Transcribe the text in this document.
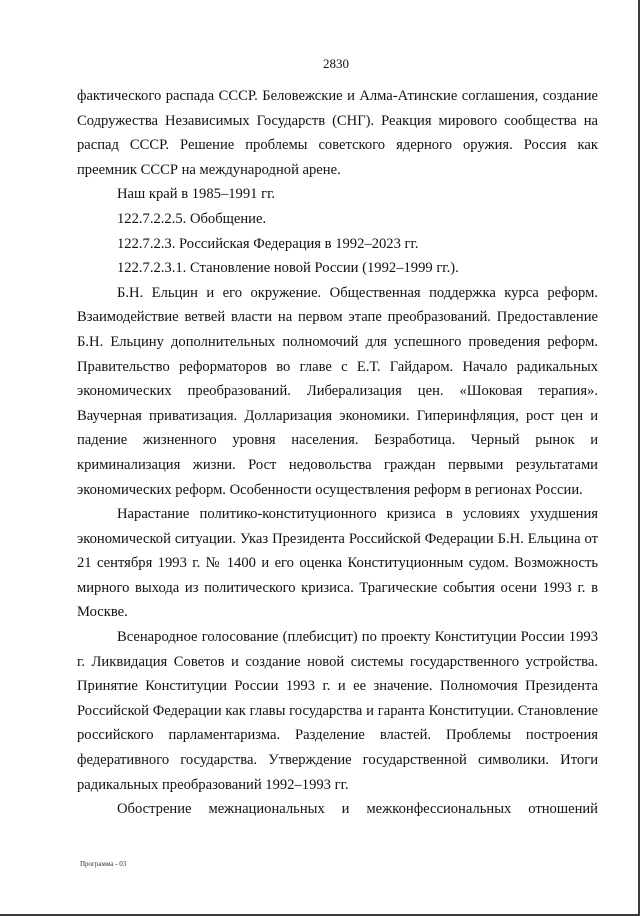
2830

фактического распада СССР. Беловежские и Алма-Атинские соглашения, создание Содружества Независимых Государств (СНГ). Реакция мирового сообщества на распад СССР. Решение проблемы советского ядерного оружия. Россия как преемник СССР на международной арене.

Наш край в 1985–1991 гг.

122.7.2.2.5. Обобщение.

122.7.2.3. Российская Федерация в 1992–2023 гг.

122.7.2.3.1. Становление новой России (1992–1999 гг.).

Б.Н. Ельцин и его окружение. Общественная поддержка курса реформ. Взаимодействие ветвей власти на первом этапе преобразований. Предоставление Б.Н. Ельцину дополнительных полномочий для успешного проведения реформ. Правительство реформаторов во главе с Е.Т. Гайдаром. Начало радикальных экономических преобразований. Либерализация цен. «Шоковая терапия». Ваучерная приватизация. Долларизация экономики. Гиперинфляция, рост цен и падение жизненного уровня населения. Безработица. Черный рынок и криминализация жизни. Рост недовольства граждан первыми результатами экономических реформ. Особенности осуществления реформ в регионах России.

Нарастание политико-конституционного кризиса в условиях ухудшения экономической ситуации. Указ Президента Российской Федерации Б.Н. Ельцина от 21 сентября 1993 г. № 1400 и его оценка Конституционным судом. Возможность мирного выхода из политического кризиса. Трагические события осени 1993 г. в Москве.

Всенародное голосование (плебисцит) по проекту Конституции России 1993 г. Ликвидация Советов и создание новой системы государственного устройства. Принятие Конституции России 1993 г. и ее значение. Полномочия Президента Российской Федерации как главы государства и гаранта Конституции. Становление российского парламентаризма. Разделение властей. Проблемы построения федеративного государства. Утверждение государственной символики. Итоги радикальных преобразований 1992–1993 гг.

Обострение межнациональных и межконфессиональных отношений

Программа - 03
